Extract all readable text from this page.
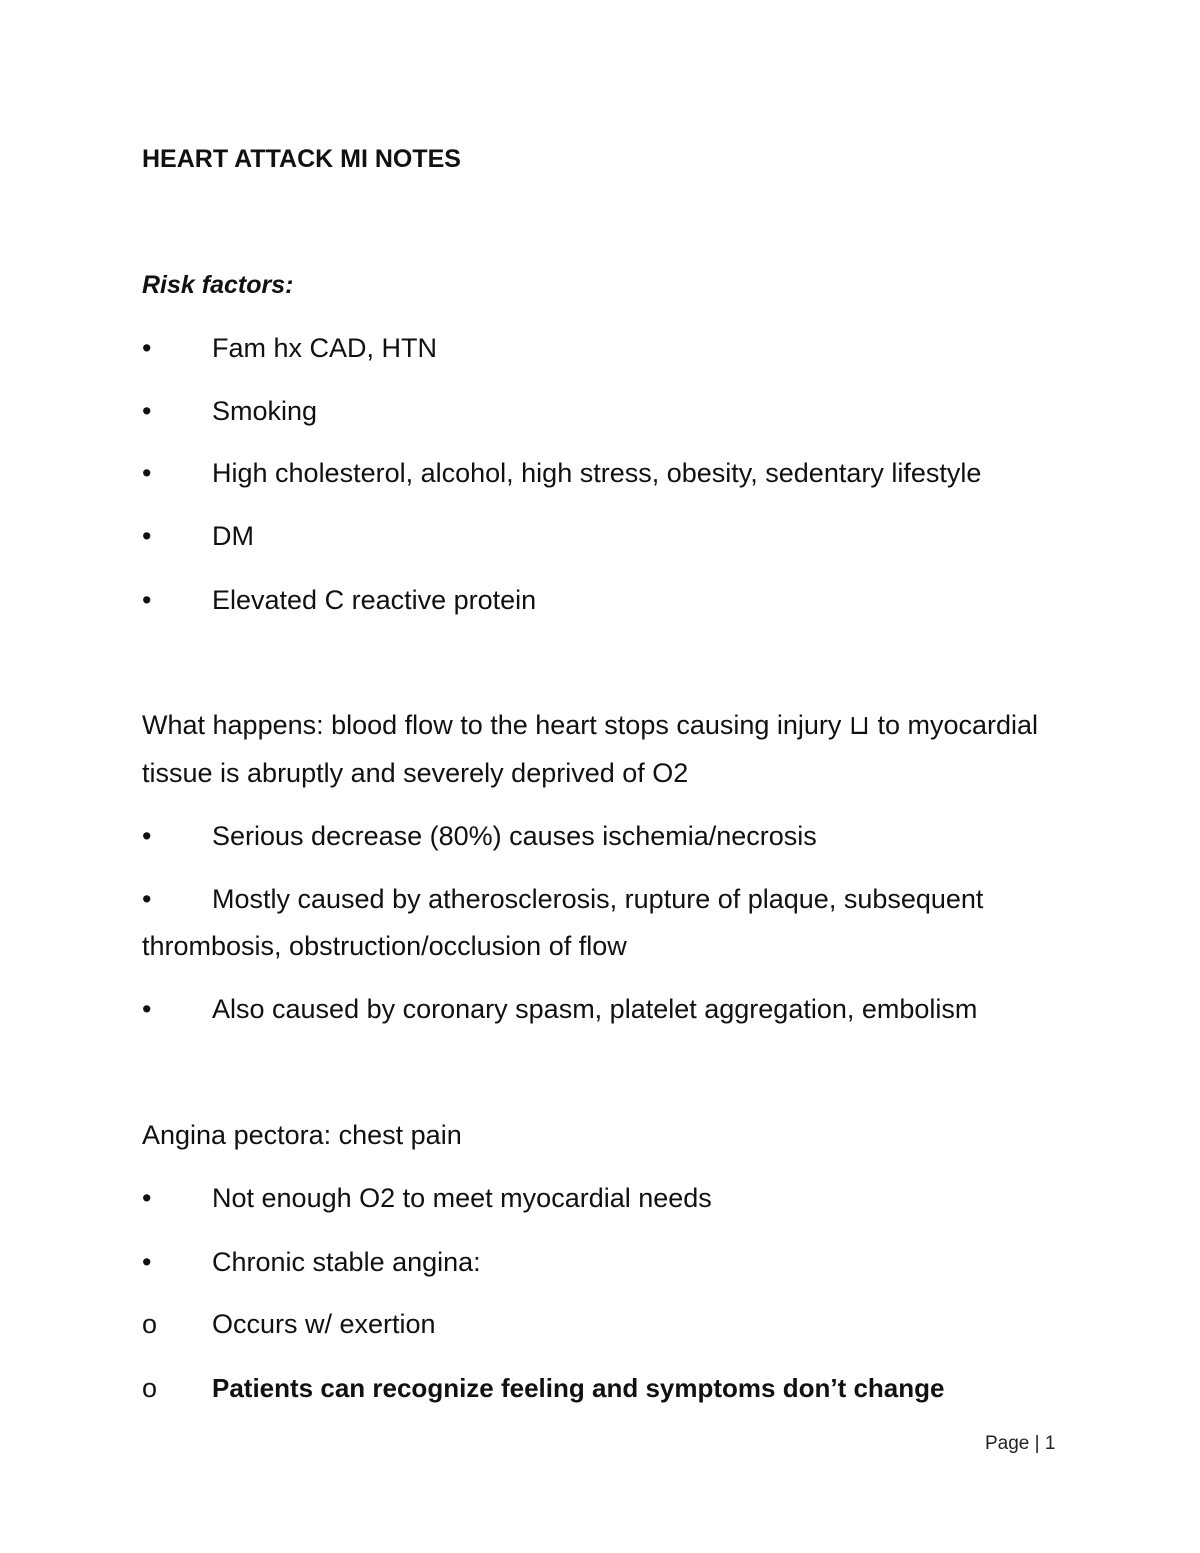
HEART ATTACK MI NOTES
Risk factors:
•	Fam hx CAD, HTN
•	Smoking
•	High cholesterol, alcohol, high stress, obesity, sedentary lifestyle
•	DM
•	Elevated C reactive protein
What happens: blood flow to the heart stops causing injury ⊔ to myocardial
tissue is abruptly and severely deprived of O2
•	Serious decrease (80%) causes ischemia/necrosis
•	Mostly caused by atherosclerosis, rupture of plaque, subsequent
thrombosis, obstruction/occlusion of flow
•	Also caused by coronary spasm, platelet aggregation, embolism
Angina pectora: chest pain
•	Not enough O2 to meet myocardial needs
•	Chronic stable angina:
o	Occurs w/ exertion
o	Patients can recognize feeling and symptoms don’t change
Page | 1
